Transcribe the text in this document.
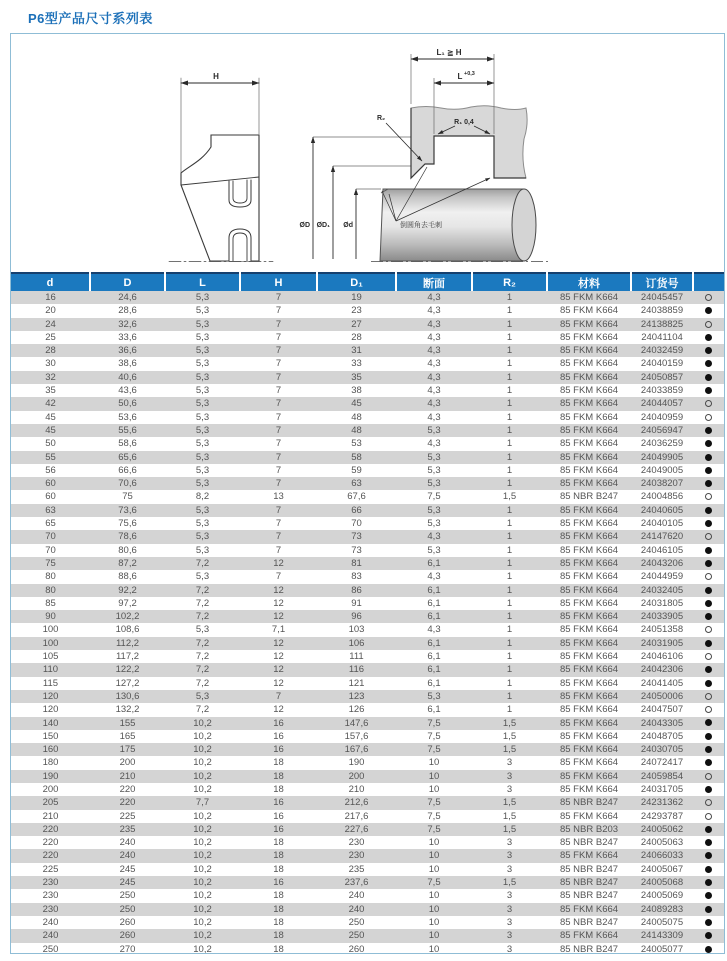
P6型产品尺寸系列表
H
ØD ØD₁ Ød
L₁ ≧ H
L +0,3
R₂
R₁ 0,4
倒圆角去毛刺
d	D	L	H	D₁	断面	R₂	材料	订货号	
16	24,6	5,3	7	19	4,3	1	85 FKM K664	24045457	
20	28,6	5,3	7	23	4,3	1	85 FKM K664	24038859	
24	32,6	5,3	7	27	4,3	1	85 FKM K664	24138825	
25	33,6	5,3	7	28	4,3	1	85 FKM K664	24041104	
28	36,6	5,3	7	31	4,3	1	85 FKM K664	24032459	
30	38,6	5,3	7	33	4,3	1	85 FKM K664	24040159	
32	40,6	5,3	7	35	4,3	1	85 FKM K664	24050857	
35	43,6	5,3	7	38	4,3	1	85 FKM K664	24033859	
42	50,6	5,3	7	45	4,3	1	85 FKM K664	24044057	
45	53,6	5,3	7	48	4,3	1	85 FKM K664	24040959	
45	55,6	5,3	7	48	5,3	1	85 FKM K664	24056947	
50	58,6	5,3	7	53	4,3	1	85 FKM K664	24036259	
55	65,6	5,3	7	58	5,3	1	85 FKM K664	24049905	
56	66,6	5,3	7	59	5,3	1	85 FKM K664	24049005	
60	70,6	5,3	7	63	5,3	1	85 FKM K664	24038207	
60	75	8,2	13	67,6	7,5	1,5	85 NBR B247	24004856	
63	73,6	5,3	7	66	5,3	1	85 FKM K664	24040605	
65	75,6	5,3	7	70	5,3	1	85 FKM K664	24040105	
70	78,6	5,3	7	73	4,3	1	85 FKM K664	24147620	
70	80,6	5,3	7	73	5,3	1	85 FKM K664	24046105	
75	87,2	7,2	12	81	6,1	1	85 FKM K664	24043206	
80	88,6	5,3	7	83	4,3	1	85 FKM K664	24044959	
80	92,2	7,2	12	86	6,1	1	85 FKM K664	24032405	
85	97,2	7,2	12	91	6,1	1	85 FKM K664	24031805	
90	102,2	7,2	12	96	6,1	1	85 FKM K664	24033905	
100	108,6	5,3	7,1	103	4,3	1	85 FKM K664	24051358	
100	112,2	7,2	12	106	6,1	1	85 FKM K664	24031905	
105	117,2	7,2	12	111	6,1	1	85 FKM K664	24046106	
110	122,2	7,2	12	116	6,1	1	85 FKM K664	24042306	
115	127,2	7,2	12	121	6,1	1	85 FKM K664	24041405	
120	130,6	5,3	7	123	5,3	1	85 FKM K664	24050006	
120	132,2	7,2	12	126	6,1	1	85 FKM K664	24047507	
140	155	10,2	16	147,6	7,5	1,5	85 FKM K664	24043305	
150	165	10,2	16	157,6	7,5	1,5	85 FKM K664	24048705	
160	175	10,2	16	167,6	7,5	1,5	85 FKM K664	24030705	
180	200	10,2	18	190	10	3	85 FKM K664	24072417	
190	210	10,2	18	200	10	3	85 FKM K664	24059854	
200	220	10,2	18	210	10	3	85 FKM K664	24031705	
205	220	7,7	16	212,6	7,5	1,5	85 NBR B247	24231362	
210	225	10,2	16	217,6	7,5	1,5	85 FKM K664	24293787	
220	235	10,2	16	227,6	7,5	1,5	85 NBR B203	24005062	
220	240	10,2	18	230	10	3	85 NBR B247	24005063	
220	240	10,2	18	230	10	3	85 FKM K664	24066033	
225	245	10,2	18	235	10	3	85 NBR B247	24005067	
230	245	10,2	16	237,6	7,5	1,5	85 NBR B247	24005068	
230	250	10,2	18	240	10	3	85 NBR B247	24005069	
230	250	10,2	18	240	10	3	85 FKM K664	24089283	
240	260	10,2	18	250	10	3	85 NBR B247	24005075	
240	260	10,2	18	250	10	3	85 FKM K664	24143309	
250	270	10,2	18	260	10	3	85 NBR B247	24005077	
